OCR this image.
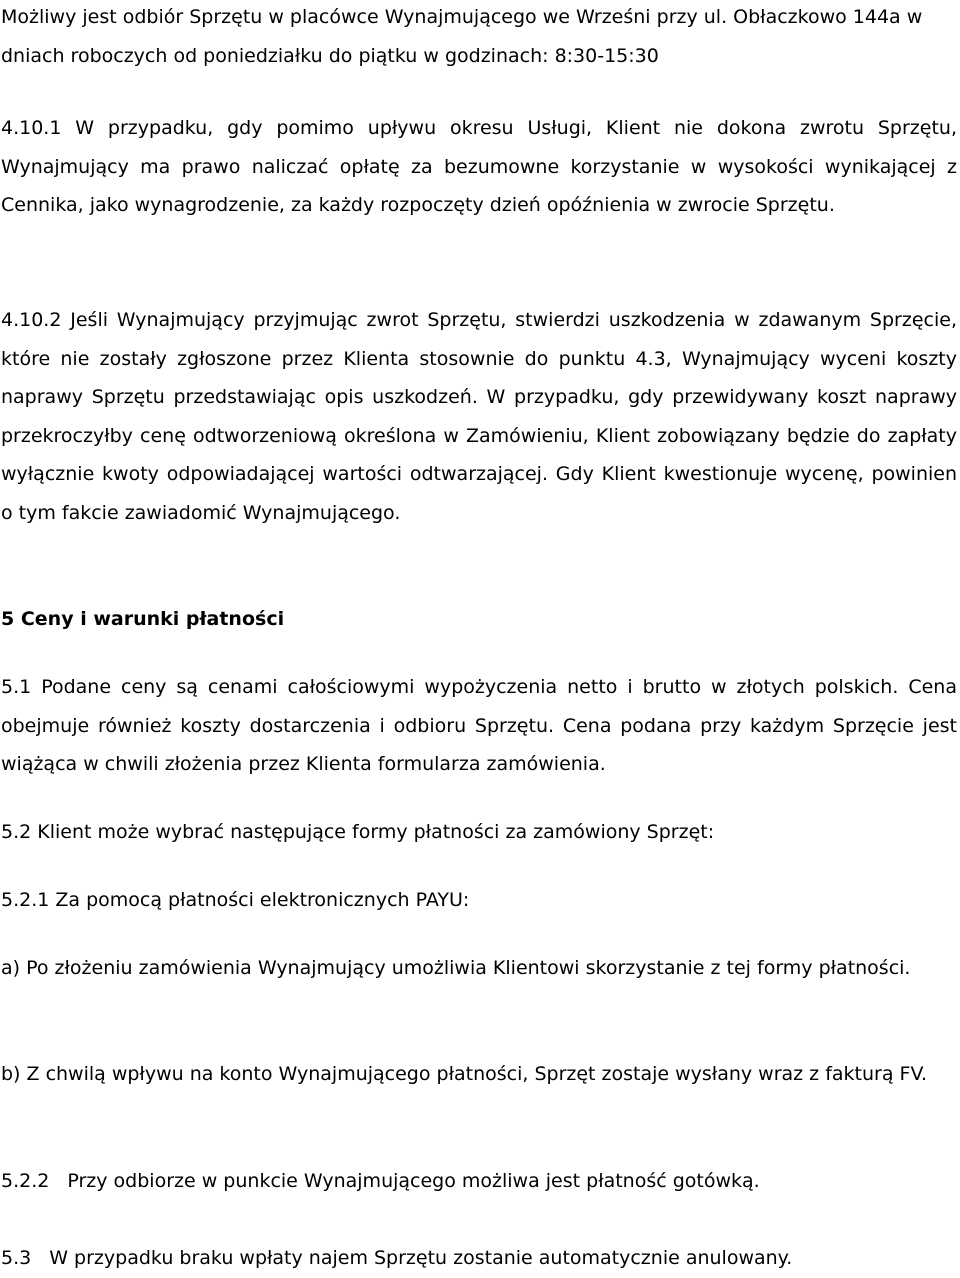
Możliwy jest odbiór Sprzętu w placówce Wynajmującego we Wrześni przy ul. Obłaczkowo 144a w dniach roboczych od poniedziałku do piątku w godzinach: 8:30-15:30

4.10.1 W przypadku, gdy pomimo upływu okresu Usługi, Klient nie dokona zwrotu Sprzętu, Wynajmujący ma prawo naliczać opłatę za bezumowne korzystanie w wysokości wynikającej z Cennika, jako wynagrodzenie, za każdy rozpoczęty dzień opóźnienia w zwrocie Sprzętu.

4.10.2 Jeśli Wynajmujący przyjmując zwrot Sprzętu, stwierdzi uszkodzenia w zdawanym Sprzęcie, które nie zostały zgłoszone przez Klienta stosownie do punktu 4.3, Wynajmujący wyceni koszty naprawy Sprzętu przedstawiając opis uszkodzeń. W przypadku, gdy przewidywany koszt naprawy przekroczyłby cenę odtworzeniową określona w Zamówieniu, Klient zobowiązany będzie do zapłaty wyłącznie kwoty odpowiadającej wartości odtwarzającej. Gdy Klient kwestionuje wycenę, powinien o tym fakcie zawiadomić Wynajmującego.

5 Ceny i warunki płatności

5.1 Podane ceny są cenami całościowymi wypożyczenia netto i brutto w złotych polskich. Cena obejmuje również koszty dostarczenia i odbioru Sprzętu. Cena podana przy każdym Sprzęcie jest wiążąca w chwili złożenia przez Klienta formularza zamówienia.

5.2 Klient może wybrać następujące formy płatności za zamówiony Sprzęt:

5.2.1 Za pomocą płatności elektronicznych PAYU:

a) Po złożeniu zamówienia Wynajmujący umożliwia Klientowi skorzystanie z tej formy płatności.

b) Z chwilą wpływu na konto Wynajmującego płatności, Sprzęt zostaje wysłany wraz z fakturą FV.

5.2.2 Przy odbiorze w punkcie Wynajmującego możliwa jest płatność gotówką.

5.3 W przypadku braku wpłaty najem Sprzętu zostanie automatycznie anulowany.
